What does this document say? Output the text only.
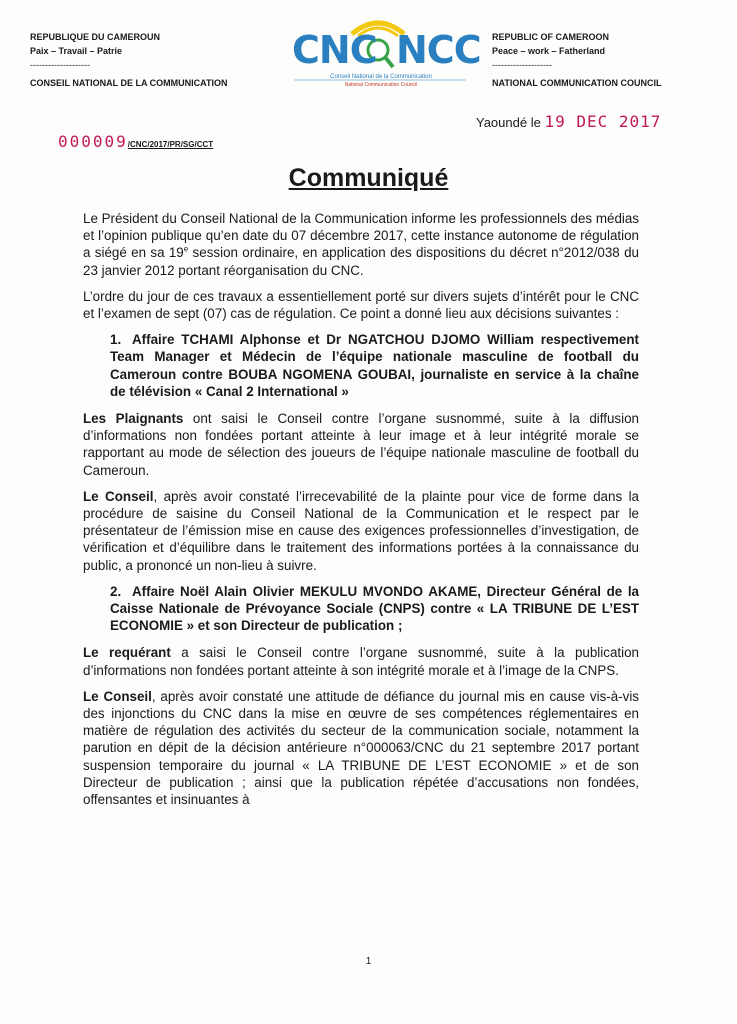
REPUBLIQUE DU CAMEROUN
Paix – Travail – Patrie
--------------------
CONSEIL NATIONAL DE LA COMMUNICATION
CNC NCC
Conseil National de la Communication
National Communication Council
REPUBLIC OF CAMEROON
Peace – work – Fatherland
--------------------
NATIONAL COMMUNICATION COUNCIL
Yaoundé le 19 DEC 2017
000009/CNC/2017/PR/SG/CCT
Communiqué

Le Président du Conseil National de la Communication informe les professionnels des médias et l’opinion publique qu’en date du 07 décembre 2017, cette instance autonome de régulation a siégé en sa 19e session ordinaire, en application des dispositions du décret n°2012/038 du 23 janvier 2012 portant réorganisation du CNC.

L’ordre du jour de ces travaux a essentiellement porté sur divers sujets d’intérêt pour le CNC et l’examen de sept (07) cas de régulation. Ce point a donné lieu aux décisions suivantes :

1. Affaire TCHAMI Alphonse et Dr NGATCHOU DJOMO William respectivement Team Manager et Médecin de l’équipe nationale masculine de football du Cameroun contre BOUBA NGOMENA GOUBAI, journaliste en service à la chaîne de télévision « Canal 2 International »

Les Plaignants ont saisi le Conseil contre l’organe susnommé, suite à la diffusion d’informations non fondées portant atteinte à leur image et à leur intégrité morale se rapportant au mode de sélection des joueurs de l’équipe nationale masculine de football du Cameroun.

Le Conseil, après avoir constaté l’irrecevabilité de la plainte pour vice de forme dans la procédure de saisine du Conseil National de la Communication et le respect par le présentateur de l’émission mise en cause des exigences professionnelles d’investigation, de vérification et d’équilibre dans le traitement des informations portées à la connaissance du public, a prononcé un non-lieu à suivre.

2. Affaire Noël Alain Olivier MEKULU MVONDO AKAME, Directeur Général de la Caisse Nationale de Prévoyance Sociale (CNPS) contre « LA TRIBUNE DE L’EST ECONOMIE » et son Directeur de publication ;

Le requérant a saisi le Conseil contre l’organe susnommé, suite à la publication d’informations non fondées portant atteinte à son intégrité morale et à l’image de la CNPS.

Le Conseil, après avoir constaté une attitude de défiance du journal mis en cause vis-à-vis des injonctions du CNC dans la mise en œuvre de ses compétences réglementaires en matière de régulation des activités du secteur de la communication sociale, notamment la parution en dépit de la décision antérieure n°000063/CNC du 21 septembre 2017 portant suspension temporaire du journal « LA TRIBUNE DE L’EST ECONOMIE » et de son Directeur de publication ; ainsi que la publication répétée d’accusations non fondées, offensantes et insinuantes à

1
